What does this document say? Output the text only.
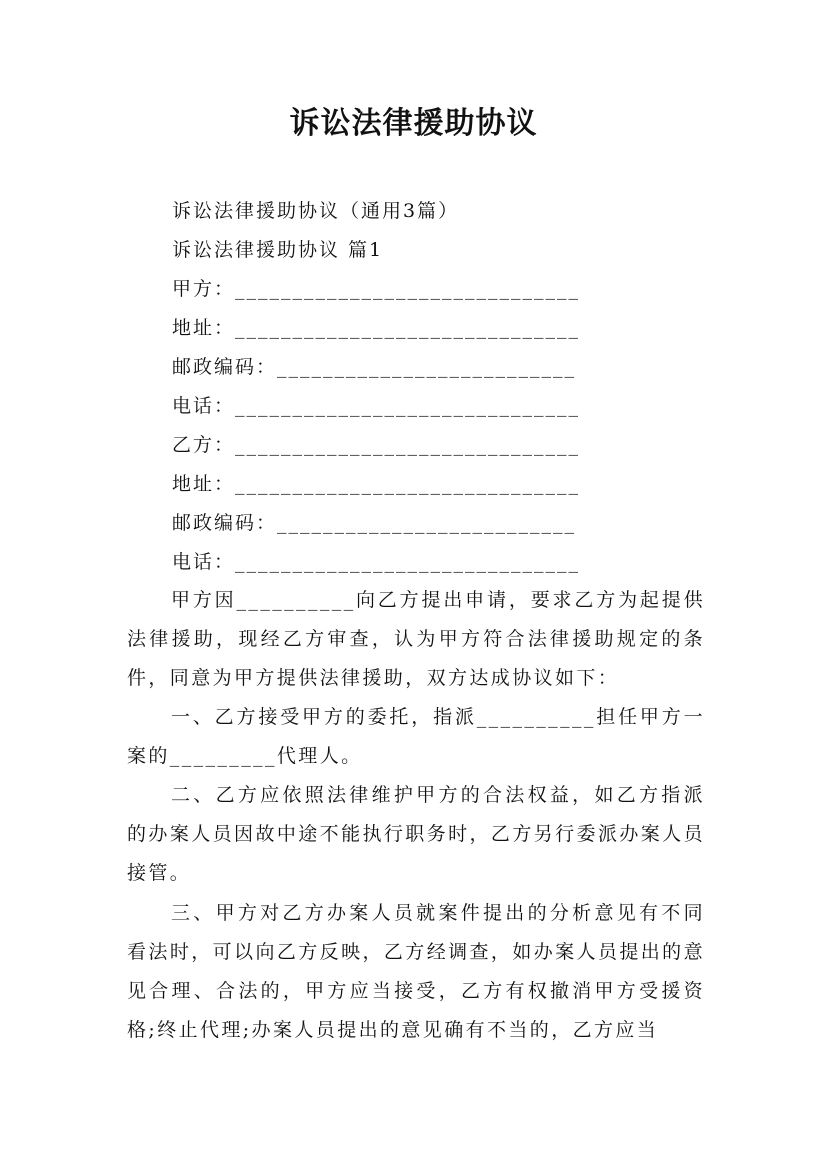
诉讼法律援助协议
诉讼法律援助协议（通用3篇）
诉讼法律援助协议 篇1
甲方：______________________________
地址：______________________________
邮政编码：__________________________
电话：______________________________
乙方：______________________________
地址：______________________________
邮政编码：__________________________
电话：______________________________
甲方因__________向乙方提出申请，要求乙方为起提供法律援助，现经乙方审查，认为甲方符合法律援助规定的条件，同意为甲方提供法律援助，双方达成协议如下：
一、乙方接受甲方的委托，指派__________担任甲方一案的_________代理人。
二、乙方应依照法律维护甲方的合法权益，如乙方指派的办案人员因故中途不能执行职务时，乙方另行委派办案人员接管。
三、甲方对乙方办案人员就案件提出的分析意见有不同看法时，可以向乙方反映，乙方经调查，如办案人员提出的意见合理、合法的，甲方应当接受，乙方有权撤消甲方受援资格;终止代理;办案人员提出的意见确有不当的，乙方应当
